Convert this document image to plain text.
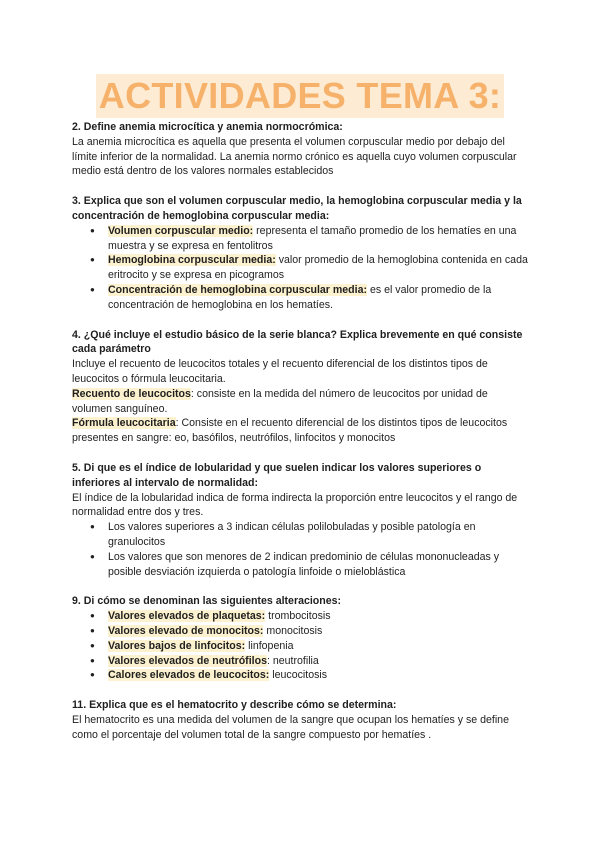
ACTIVIDADES TEMA 3:

2. Define anemia microcítica y anemia normocrómica:

La anemia microcítica es aquella que presenta el volumen corpuscular medio por debajo del límite inferior de la normalidad. La anemia normo crónico es aquella cuyo volumen corpuscular medio está dentro de los valores normales establecidos

3. Explica que son el volumen corpuscular medio, la hemoglobina corpuscular media y la concentración de hemoglobina corpuscular media:

● Volumen corpuscular medio: representa el tamaño promedio de los hematíes en una muestra y se expresa en fentolitros
● Hemoglobina corpuscular media: valor promedio de la hemoglobina contenida en cada eritrocito y se expresa en picogramos
● Concentración de hemoglobina corpuscular media: es el valor promedio de la concentración de hemoglobina en los hematíes.

4. ¿Qué incluye el estudio básico de la serie blanca? Explica brevemente en qué consiste cada parámetro

Incluye el recuento de leucocitos totales y el recuento diferencial de los distintos tipos de leucocitos o fórmula leucocitaria.

Recuento de leucocitos: consiste en la medida del número de leucocitos por unidad de volumen sanguíneo.

Fórmula leucocitaria: Consiste en el recuento diferencial de los distintos tipos de leucocitos presentes en sangre: eo, basófilos, neutrófilos, linfocitos y monocitos

5. Di que es el índice de lobularidad y que suelen indicar los valores superiores o inferiores al intervalo de normalidad:

El índice de la lobularidad indica de forma indirecta la proporción entre leucocitos y el rango de normalidad entre dos y tres.

● Los valores superiores a 3 indican células polilobuladas y posible patología en granulocitos
● Los valores que son menores de 2 indican predominio de células mononucleadas y posible desviación izquierda o patología linfoide o mieloblástica

9. Di cómo se denominan las siguientes alteraciones:

● Valores elevados de plaquetas: trombocitosis
● Valores elevado de monocitos: monocitosis
● Valores bajos de linfocitos: linfopenia
● Valores elevados de neutrófilos: neutrofilia
● Calores elevados de leucocitos: leucocitosis

11. Explica que es el hematocrito y describe cómo se determina:

El hematocrito es una medida del volumen de la sangre que ocupan los hematíes y se define como el porcentaje del volumen total de la sangre compuesto por hematíes .
